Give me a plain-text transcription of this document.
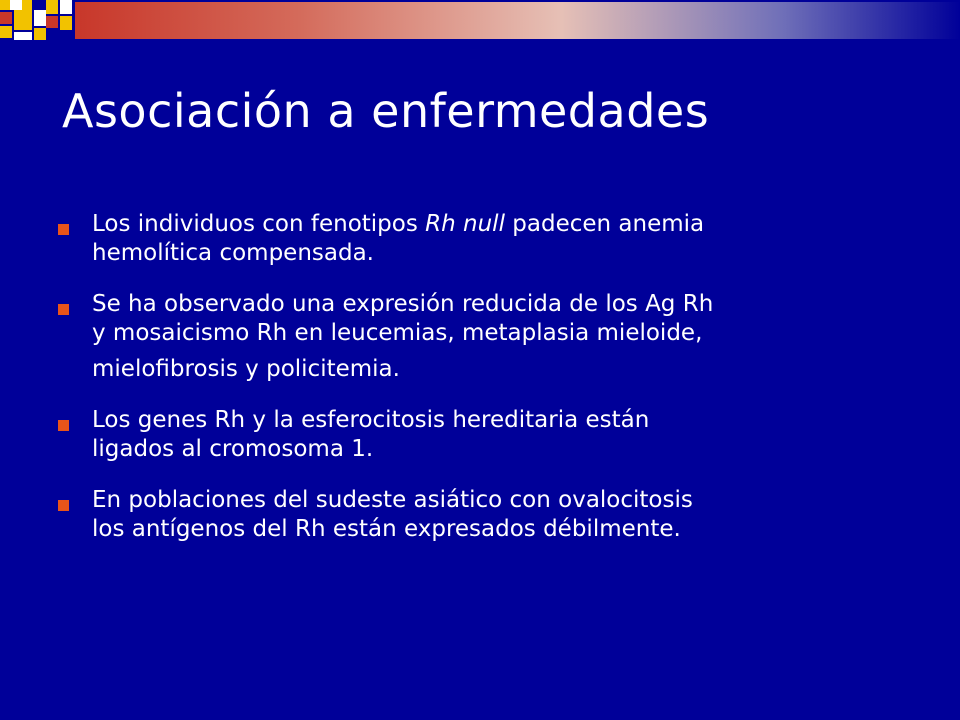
Asociación a enfermedades
Los individuos con fenotipos Rh null padecen anemia
hemolítica compensada.
Se ha observado una expresión reducida de los Ag Rh
y mosaicismo Rh en leucemias, metaplasia mieloide,
mielofibrosis y policitemia.
Los genes Rh y la esferocitosis hereditaria están
ligados al cromosoma 1.
En poblaciones del sudeste asiático con ovalocitosis
los antígenos del Rh están expresados débilmente.
